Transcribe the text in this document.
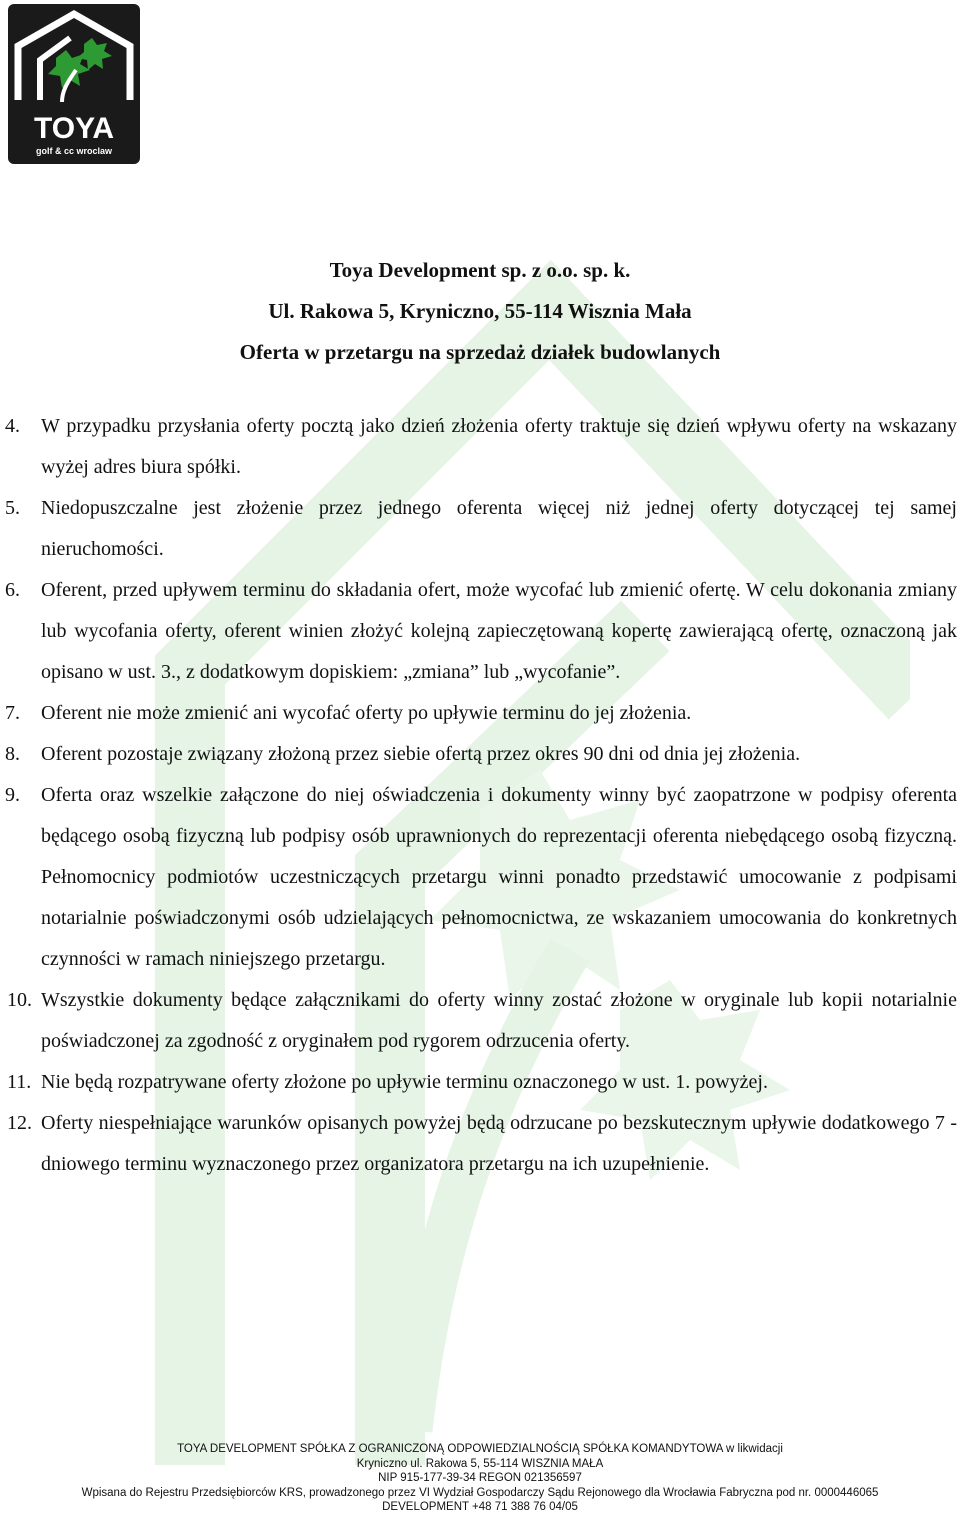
TOYA
golf & cc wroclaw
Toya Development sp. z o.o. sp. k.
Ul. Rakowa 5, Kryniczno, 55-114 Wisznia Mała
Oferta w przetargu na sprzedaż działek budowlanych
4. W przypadku przysłania oferty pocztą jako dzień złożenia oferty traktuje się dzień wpływu oferty na wskazany wyżej adres biura spółki.
5. Niedopuszczalne jest złożenie przez jednego oferenta więcej niż jednej oferty dotyczącej tej samej nieruchomości.
6. Oferent, przed upływem terminu do składania ofert, może wycofać lub zmienić ofertę. W celu dokonania zmiany lub wycofania oferty, oferent winien złożyć kolejną zapieczętowaną kopertę zawierającą ofertę, oznaczoną jak opisano w ust. 3., z dodatkowym dopiskiem: „zmiana” lub „wycofanie”.
7. Oferent nie może zmienić ani wycofać oferty po upływie terminu do jej złożenia.
8. Oferent pozostaje związany złożoną przez siebie ofertą przez okres 90 dni od dnia jej złożenia.
9. Oferta oraz wszelkie załączone do niej oświadczenia i dokumenty winny być zaopatrzone w podpisy oferenta będącego osobą fizyczną lub podpisy osób uprawnionych do reprezentacji oferenta niebędącego osobą fizyczną. Pełnomocnicy podmiotów uczestniczących przetargu winni ponadto przedstawić umocowanie z podpisami notarialnie poświadczonymi osób udzielających pełnomocnictwa, ze wskazaniem umocowania do konkretnych czynności w ramach niniejszego przetargu.
10. Wszystkie dokumenty będące załącznikami do oferty winny zostać złożone w oryginale lub kopii notarialnie poświadczonej za zgodność z oryginałem pod rygorem odrzucenia oferty.
11. Nie będą rozpatrywane oferty złożone po upływie terminu oznaczonego w ust. 1. powyżej.
12. Oferty niespełniające warunków opisanych powyżej będą odrzucane po bezskutecznym upływie dodatkowego 7 - dniowego terminu wyznaczonego przez organizatora przetargu na ich uzupełnienie.
TOYA DEVELOPMENT SPÓŁKA Z OGRANICZONĄ ODPOWIEDZIALNOŚCIĄ SPÓŁKA KOMANDYTOWA w likwidacji
Kryniczno ul. Rakowa 5, 55-114 WISZNIA MAŁA
NIP 915-177-39-34 REGON 021356597
Wpisana do Rejestru Przedsiębiorców KRS, prowadzonego przez VI Wydział Gospodarczy Sądu Rejonowego dla Wrocławia Fabryczna pod nr. 0000446065
DEVELOPMENT +48 71 388 76 04/05
